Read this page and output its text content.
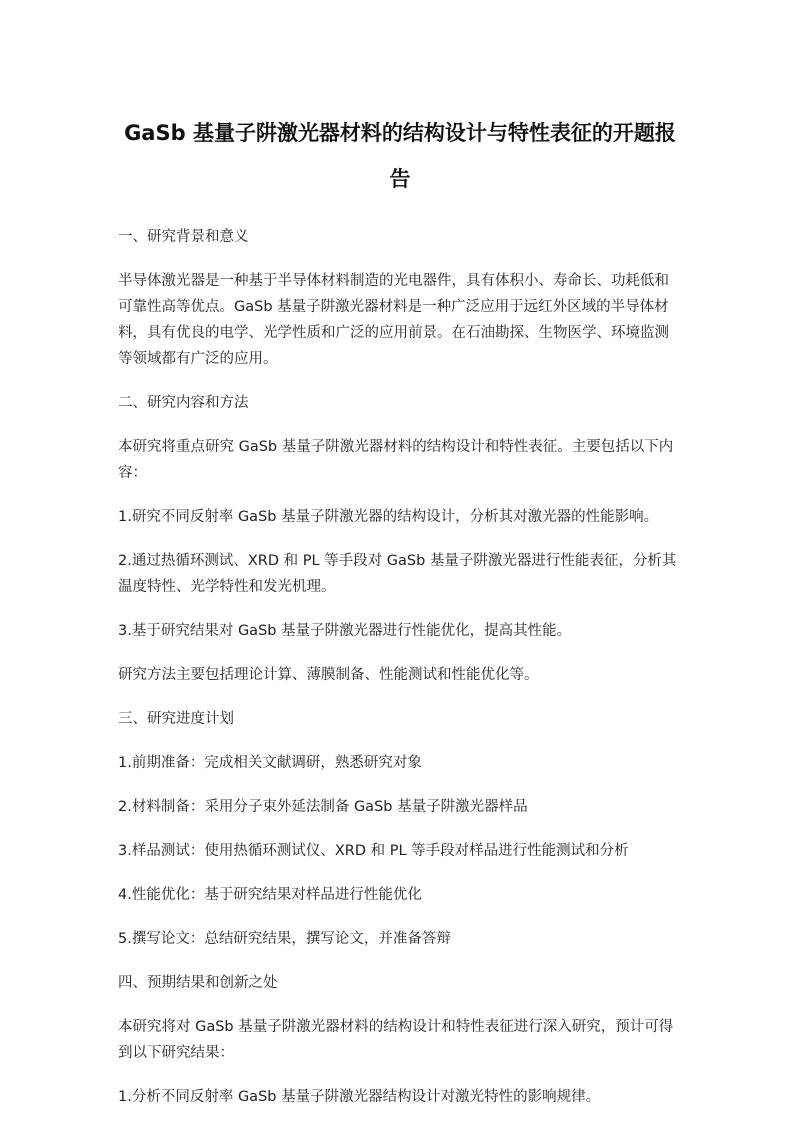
GaSb 基量子阱激光器材料的结构设计与特性表征的开题报告

一、研究背景和意义

半导体激光器是一种基于半导体材料制造的光电器件，具有体积小、寿命长、功耗低和可靠性高等优点。GaSb 基量子阱激光器材料是一种广泛应用于远红外区域的半导体材料，具有优良的电学、光学性质和广泛的应用前景。在石油勘探、生物医学、环境监测等领域都有广泛的应用。

二、研究内容和方法

本研究将重点研究 GaSb 基量子阱激光器材料的结构设计和特性表征。主要包括以下内容：

1.研究不同反射率 GaSb 基量子阱激光器的结构设计，分析其对激光器的性能影响。

2.通过热循环测试、XRD 和 PL 等手段对 GaSb 基量子阱激光器进行性能表征，分析其温度特性、光学特性和发光机理。

3.基于研究结果对 GaSb 基量子阱激光器进行性能优化，提高其性能。

研究方法主要包括理论计算、薄膜制备、性能测试和性能优化等。

三、研究进度计划

1.前期准备：完成相关文献调研，熟悉研究对象

2.材料制备：采用分子束外延法制备 GaSb 基量子阱激光器样品

3.样品测试：使用热循环测试仪、XRD 和 PL 等手段对样品进行性能测试和分析

4.性能优化：基于研究结果对样品进行性能优化

5.撰写论文：总结研究结果，撰写论文，并准备答辩

四、预期结果和创新之处

本研究将对 GaSb 基量子阱激光器材料的结构设计和特性表征进行深入研究，预计可得到以下研究结果：

1.分析不同反射率 GaSb 基量子阱激光器结构设计对激光特性的影响规律。
